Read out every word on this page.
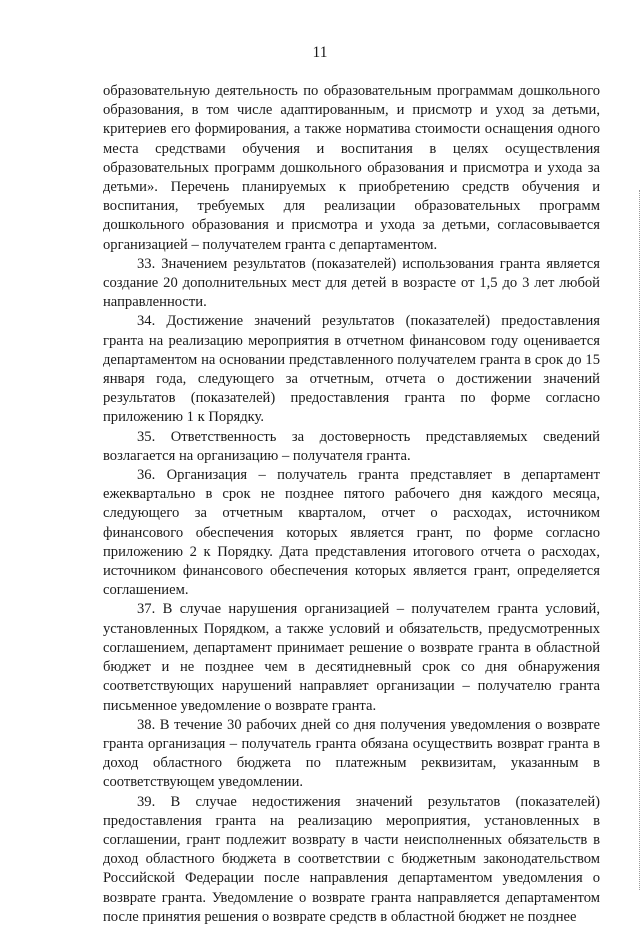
11

образовательную деятельность по образовательным программам дошкольного образования, в том числе адаптированным, и присмотр и уход за детьми, критериев его формирования, а также норматива стоимости оснащения одного места средствами обучения и воспитания в целях осуществления образовательных программ дошкольного образования и присмотра и ухода за детьми». Перечень планируемых к приобретению средств обучения и воспитания, требуемых для реализации образовательных программ дошкольного образования и присмотра и ухода за детьми, согласовывается организацией – получателем гранта с департаментом.

33. Значением результатов (показателей) использования гранта является создание 20 дополнительных мест для детей в возрасте от 1,5 до 3 лет любой направленности.

34. Достижение значений результатов (показателей) предоставления гранта на реализацию мероприятия в отчетном финансовом году оценивается департаментом на основании представленного получателем гранта в срок до 15 января года, следующего за отчетным, отчета о достижении значений результатов (показателей) предоставления гранта по форме согласно приложению 1 к Порядку.

35. Ответственность за достоверность представляемых сведений возлагается на организацию – получателя гранта.

36. Организация – получатель гранта представляет в департамент ежеквартально в срок не позднее пятого рабочего дня каждого месяца, следующего за отчетным кварталом, отчет о расходах, источником финансового обеспечения которых является грант, по форме согласно приложению 2 к Порядку. Дата представления итогового отчета о расходах, источником финансового обеспечения которых является грант, определяется соглашением.

37. В случае нарушения организацией – получателем гранта условий, установленных Порядком, а также условий и обязательств, предусмотренных соглашением, департамент принимает решение о возврате гранта в областной бюджет и не позднее чем в десятидневный срок со дня обнаружения соответствующих нарушений направляет организации – получателю гранта письменное уведомление о возврате гранта.

38. В течение 30 рабочих дней со дня получения уведомления о возврате гранта организация – получатель гранта обязана осуществить возврат гранта в доход областного бюджета по платежным реквизитам, указанным в соответствующем уведомлении.

39. В случае недостижения значений результатов (показателей) предоставления гранта на реализацию мероприятия, установленных в соглашении, грант подлежит возврату в части неисполненных обязательств в доход областного бюджета в соответствии с бюджетным законодательством Российской Федерации после направления департаментом уведомления о возврате гранта. Уведомление о возврате гранта направляется департаментом после принятия решения о возврате средств в областной бюджет не позднее
